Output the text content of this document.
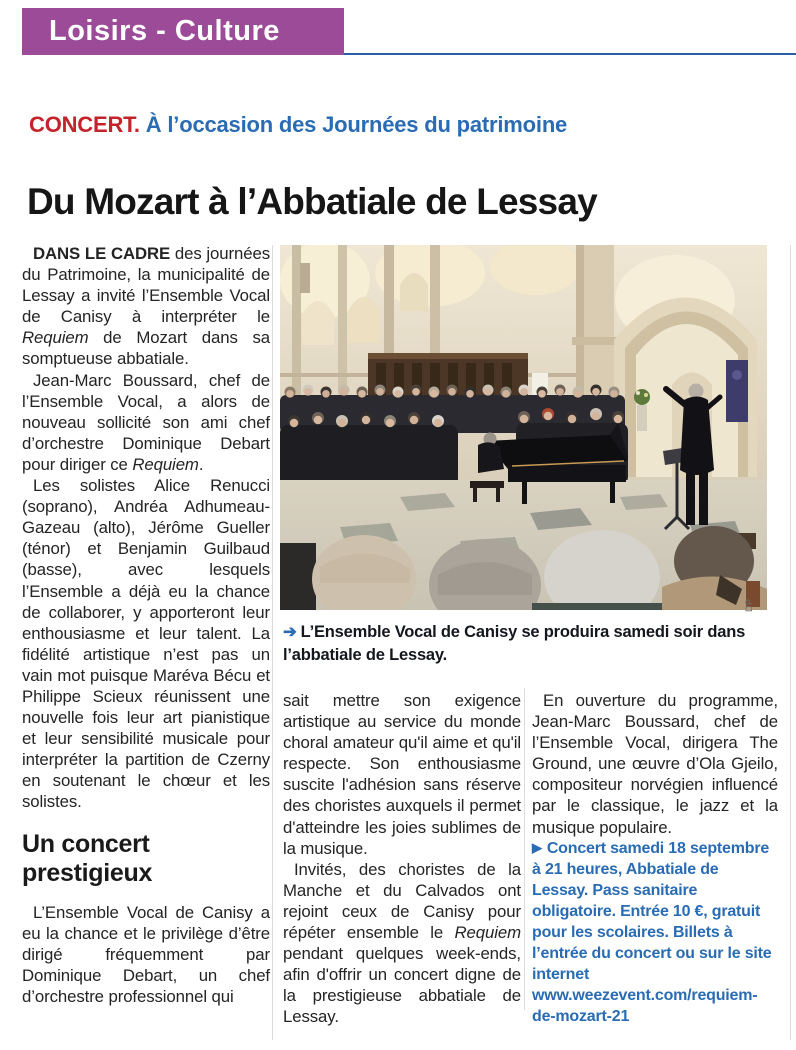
Loisirs - Culture
CONCERT. À l’occasion des Journées du patrimoine
Du Mozart à l’Abbatiale de Lessay

DANS LE CADRE des journées du Patrimoine, la municipalité de Lessay a invité l’Ensemble Vocal de Canisy à interpréter le Requiem de Mozart dans sa somptueuse abbatiale.

Jean-Marc Boussard, chef de l’Ensemble Vocal, a alors de nouveau sollicité son ami chef d’orchestre Dominique Debart pour diriger ce Requiem.

Les solistes Alice Renucci (soprano), Andréa Adhumeau-Gazeau (alto), Jérôme Gueller (ténor) et Benjamin Guilbaud (basse), avec lesquels l’Ensemble a déjà eu la chance de collaborer, y apporteront leur enthousiasme et leur talent. La fidélité artistique n’est pas un vain mot puisque Maréva Bécu et Philippe Scieux réunissent une nouvelle fois leur art pianistique et leur sensibilité musicale pour interpréter la partition de Czerny en soutenant le chœur et les solistes.

Un concert prestigieux

L’Ensemble Vocal de Canisy a eu la chance et le privilège d’être dirigé fréquemment par Dominique Debart, un chef d’orchestre professionnel qui

DP
➔ L’Ensemble Vocal de Canisy se produira samedi soir dans l’abbatiale de Lessay.

sait mettre son exigence artistique au service du monde choral amateur qu'il aime et qu'il respecte. Son enthousiasme suscite l'adhésion sans réserve des choristes auxquels il permet d'atteindre les joies sublimes de la musique.

Invités, des choristes de la Manche et du Calvados ont rejoint ceux de Canisy pour répéter ensemble le Requiem pendant quelques week-ends, afin d'offrir un concert digne de la prestigieuse abbatiale de Lessay.

En ouverture du programme, Jean-Marc Boussard, chef de l’Ensemble Vocal, dirigera The Ground, une œuvre d’Ola Gjeilo, compositeur norvégien influencé par le classique, le jazz et la musique populaire.

▶ Concert samedi 18 septembre à 21 heures, Abbatiale de Lessay. Pass sanitaire obligatoire. Entrée 10 €, gratuit pour les scolaires. Billets à l’entrée du concert ou sur le site internet www.weezevent.com/requiem-de-mozart-21
